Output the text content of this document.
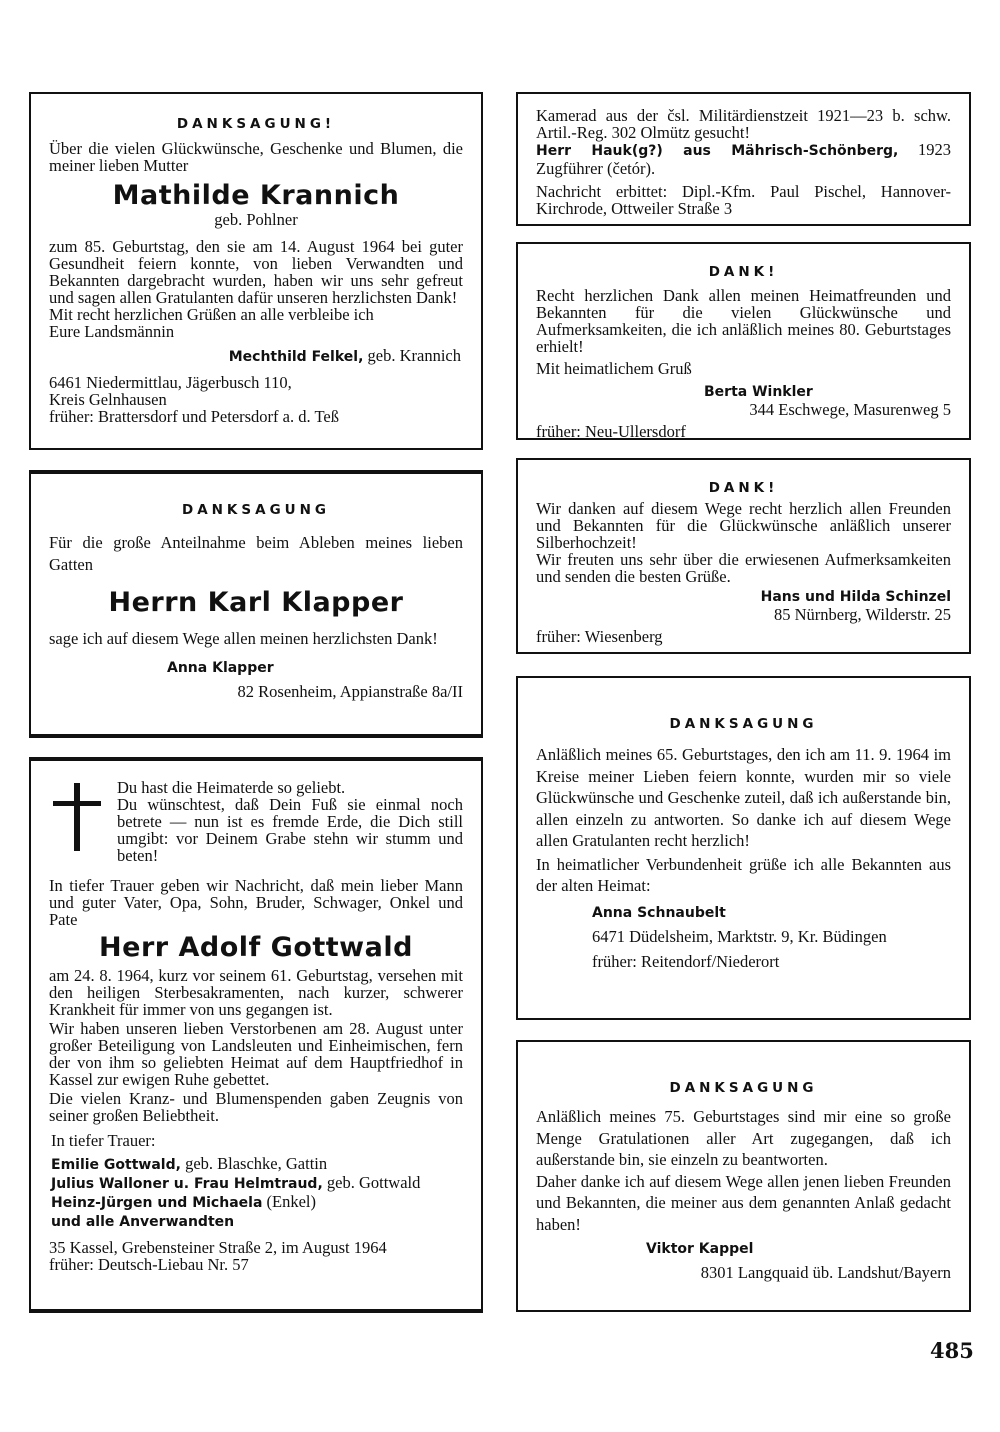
DANKSAGUNG!

Über die vielen Glückwünsche, Geschenke und Blumen, die meiner lieben Mutter

Mathilde Krannich

geb. Pohlner

zum 85. Geburtstag, den sie am 14. August 1964 bei guter Gesundheit feiern konnte, von lieben Verwandten und Bekannten dargebracht wurden, haben wir uns sehr gefreut und sagen allen Gratulanten dafür unseren herzlichsten Dank!

Mit recht herzlichen Grüßen an alle verbleibe ich

Eure Landsmännin

Mechthild Felkel, geb. Krannich

6461 Niedermittlau, Jägerbusch 110,

Kreis Gelnhausen

früher: Brattersdorf und Petersdorf a. d. Teß

DANKSAGUNG

Für die große Anteilnahme beim Ableben meines lieben Gatten

Herrn Karl Klapper

sage ich auf diesem Wege allen meinen herzlichsten Dank!

Anna Klapper

82 Rosenheim, Appianstraße 8a/II

Du hast die Heimaterde so geliebt.

Du wünschtest, daß Dein Fuß sie einmal noch betrete — nun ist es fremde Erde, die Dich still umgibt: vor Deinem Grabe stehn wir stumm und beten!

In tiefer Trauer geben wir Nachricht, daß mein lieber Mann und guter Vater, Opa, Sohn, Bruder, Schwager, Onkel und Pate

Herr Adolf Gottwald

am 24. 8. 1964, kurz vor seinem 61. Geburtstag, versehen mit den heiligen Sterbesakramenten, nach kurzer, schwerer Krankheit für immer von uns gegangen ist.

Wir haben unseren lieben Verstorbenen am 28. August unter großer Beteiligung von Landsleuten und Einheimischen, fern der von ihm so geliebten Heimat auf dem Hauptfriedhof in Kassel zur ewigen Ruhe gebettet.

Die vielen Kranz- und Blumenspenden gaben Zeugnis von seiner großen Beliebtheit.

In tiefer Trauer:

Emilie Gottwald, geb. Blaschke, Gattin

Julius Walloner u. Frau Helmtraud, geb. Gottwald

Heinz-Jürgen und Michaela (Enkel)

und alle Anverwandten

35 Kassel, Grebensteiner Straße 2, im August 1964

früher: Deutsch-Liebau Nr. 57

Kamerad aus der čsl. Militärdienstzeit 1921—23 b. schw. Artil.-Reg. 302 Olmütz gesucht!

Herr Hauk(g?) aus Mährisch-Schönberg, 1923 Zugführer (četór).

Nachricht erbittet: Dipl.-Kfm. Paul Pischel, Hannover-Kirchrode, Ottweiler Straße 3

DANK!

Recht herzlichen Dank allen meinen Heimatfreunden und Bekannten für die vielen Glückwünsche und Aufmerksamkeiten, die ich anläßlich meines 80. Geburtstages erhielt!

Mit heimatlichem Gruß

Berta Winkler

344 Eschwege, Masurenweg 5

früher: Neu-Ullersdorf

DANK!

Wir danken auf diesem Wege recht herzlich allen Freunden und Bekannten für die Glückwünsche anläßlich unserer Silberhochzeit!

Wir freuten uns sehr über die erwiesenen Aufmerksamkeiten und senden die besten Grüße.

Hans und Hilda Schinzel

85 Nürnberg, Wilderstr. 25

früher: Wiesenberg

DANKSAGUNG

Anläßlich meines 65. Geburtstages, den ich am 11. 9. 1964 im Kreise meiner Lieben feiern konnte, wurden mir so viele Glückwünsche und Geschenke zuteil, daß ich außerstande bin, allen einzeln zu antworten. So danke ich auf diesem Wege allen Gratulanten recht herzlich!

In heimatlicher Verbundenheit grüße ich alle Bekannten aus der alten Heimat:

Anna Schnaubelt

6471 Düdelsheim, Marktstr. 9, Kr. Büdingen

früher: Reitendorf/Niederort

DANKSAGUNG

Anläßlich meines 75. Geburtstages sind mir eine so große Menge Gratulationen aller Art zugegangen, daß ich außerstande bin, sie einzeln zu beantworten.

Daher danke ich auf diesem Wege allen jenen lieben Freunden und Bekannten, die meiner aus dem genannten Anlaß gedacht haben!

Viktor Kappel

8301 Langquaid üb. Landshut/Bayern

485
